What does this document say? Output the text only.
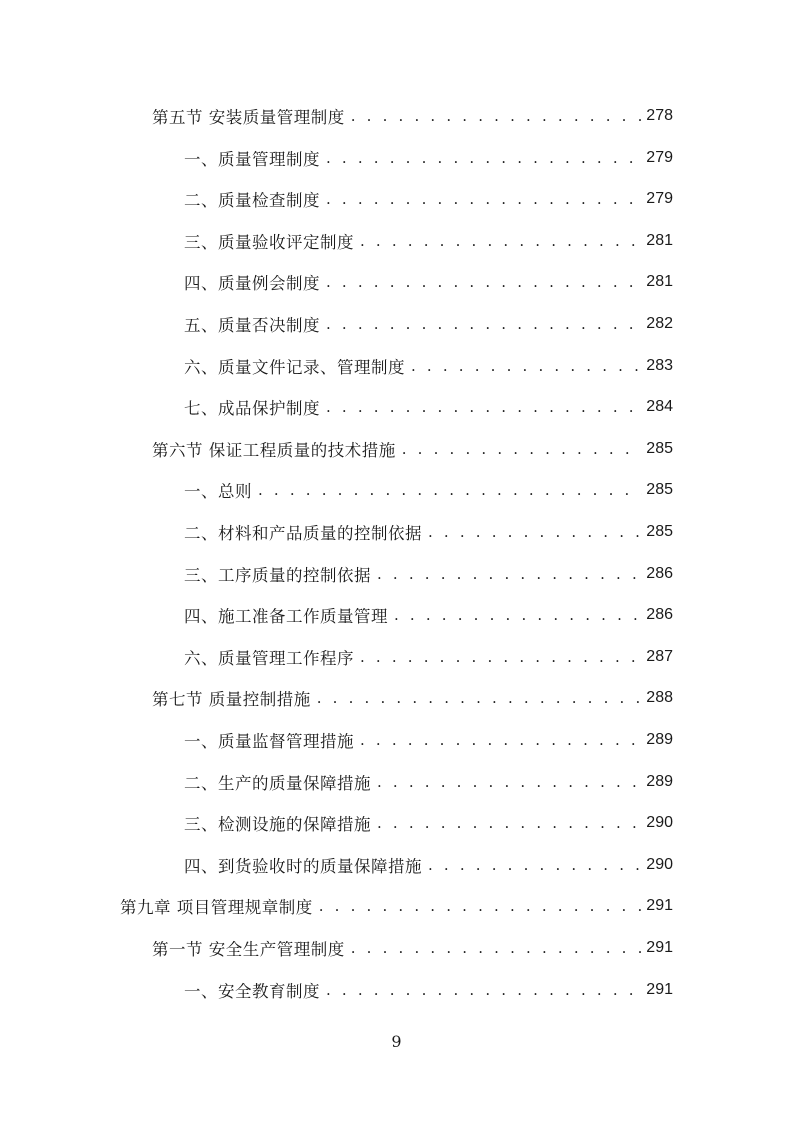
第五节 安装质量管理制度 . . .	278
一、质量管理制度 . . .	279
二、质量检查制度 . . .	279
三、质量验收评定制度 . . .	281
四、质量例会制度 . . .	281
五、质量否决制度 . . .	282
六、质量文件记录、管理制度 . . .	283
七、成品保护制度 . . .	284
第六节 保证工程质量的技术措施 . . .	285
一、总则 . . .	285
二、材料和产品质量的控制依据 . . .	285
三、工序质量的控制依据 . . .	286
四、施工准备工作质量管理 . . .	286
六、质量管理工作程序 . . .	287
第七节 质量控制措施 . . .	288
一、质量监督管理措施 . . .	289
二、生产的质量保障措施 . . .	289
三、检测设施的保障措施 . . .	290
四、到货验收时的质量保障措施 . . .	290
第九章 项目管理规章制度 . . .	291
第一节 安全生产管理制度 . . .	291
一、安全教育制度 . . .	291
9
